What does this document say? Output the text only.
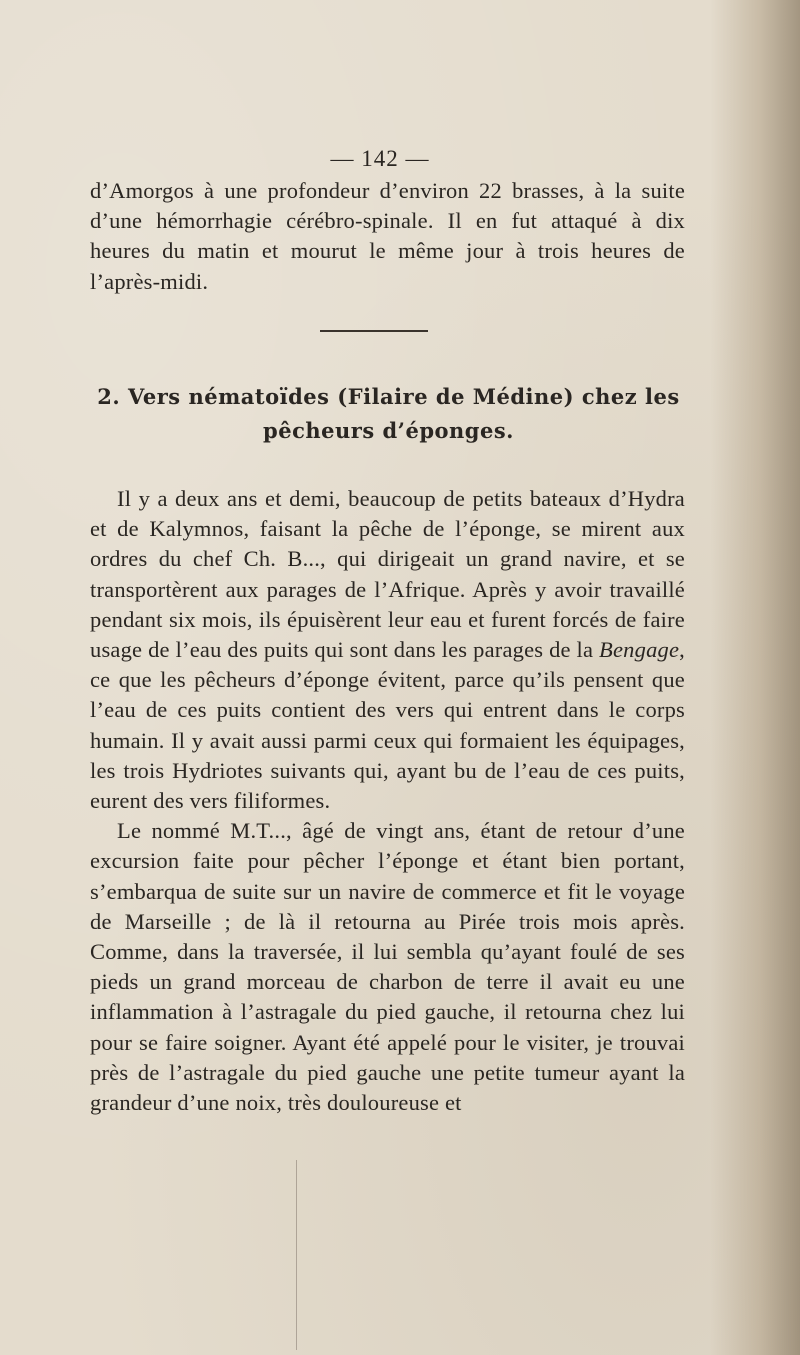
— 142 —
d’Amorgos à une profondeur d’environ 22 brasses, à la suite d’une hémorrhagie cérébro-spinale. Il en fut attaqué à dix heures du matin et mourut le même jour à trois heures de l’après-midi.
2. Vers nématoïdes (Filaire de Médine) chez les
pêcheurs d’éponges.

Il y a deux ans et demi, beaucoup de petits bateaux d’Hydra et de Kalymnos, faisant la pêche de l’éponge, se mirent aux ordres du chef Ch. B..., qui dirigeait un grand navire, et se transportèrent aux parages de l’Afrique. Après y avoir travaillé pendant six mois, ils épuisèrent leur eau et furent forcés de faire usage de l’eau des puits qui sont dans les parages de la Bengage, ce que les pêcheurs d’éponge évitent, parce qu’ils pensent que l’eau de ces puits contient des vers qui entrent dans le corps humain. Il y avait aussi parmi ceux qui formaient les équipages, les trois Hydriotes suivants qui, ayant bu de l’eau de ces puits, eurent des vers filiformes.

Le nommé M.T..., âgé de vingt ans, étant de retour d’une excursion faite pour pêcher l’éponge et étant bien portant, s’embarqua de suite sur un navire de commerce et fit le voyage de Marseille ; de là il retourna au Pirée trois mois après. Comme, dans la traversée, il lui sembla qu’ayant foulé de ses pieds un grand morceau de charbon de terre il avait eu une inflammation à l’astragale du pied gauche, il retourna chez lui pour se faire soigner. Ayant été appelé pour le visiter, je trouvai près de l’astragale du pied gauche une petite tumeur ayant la grandeur d’une noix, très douloureuse et
